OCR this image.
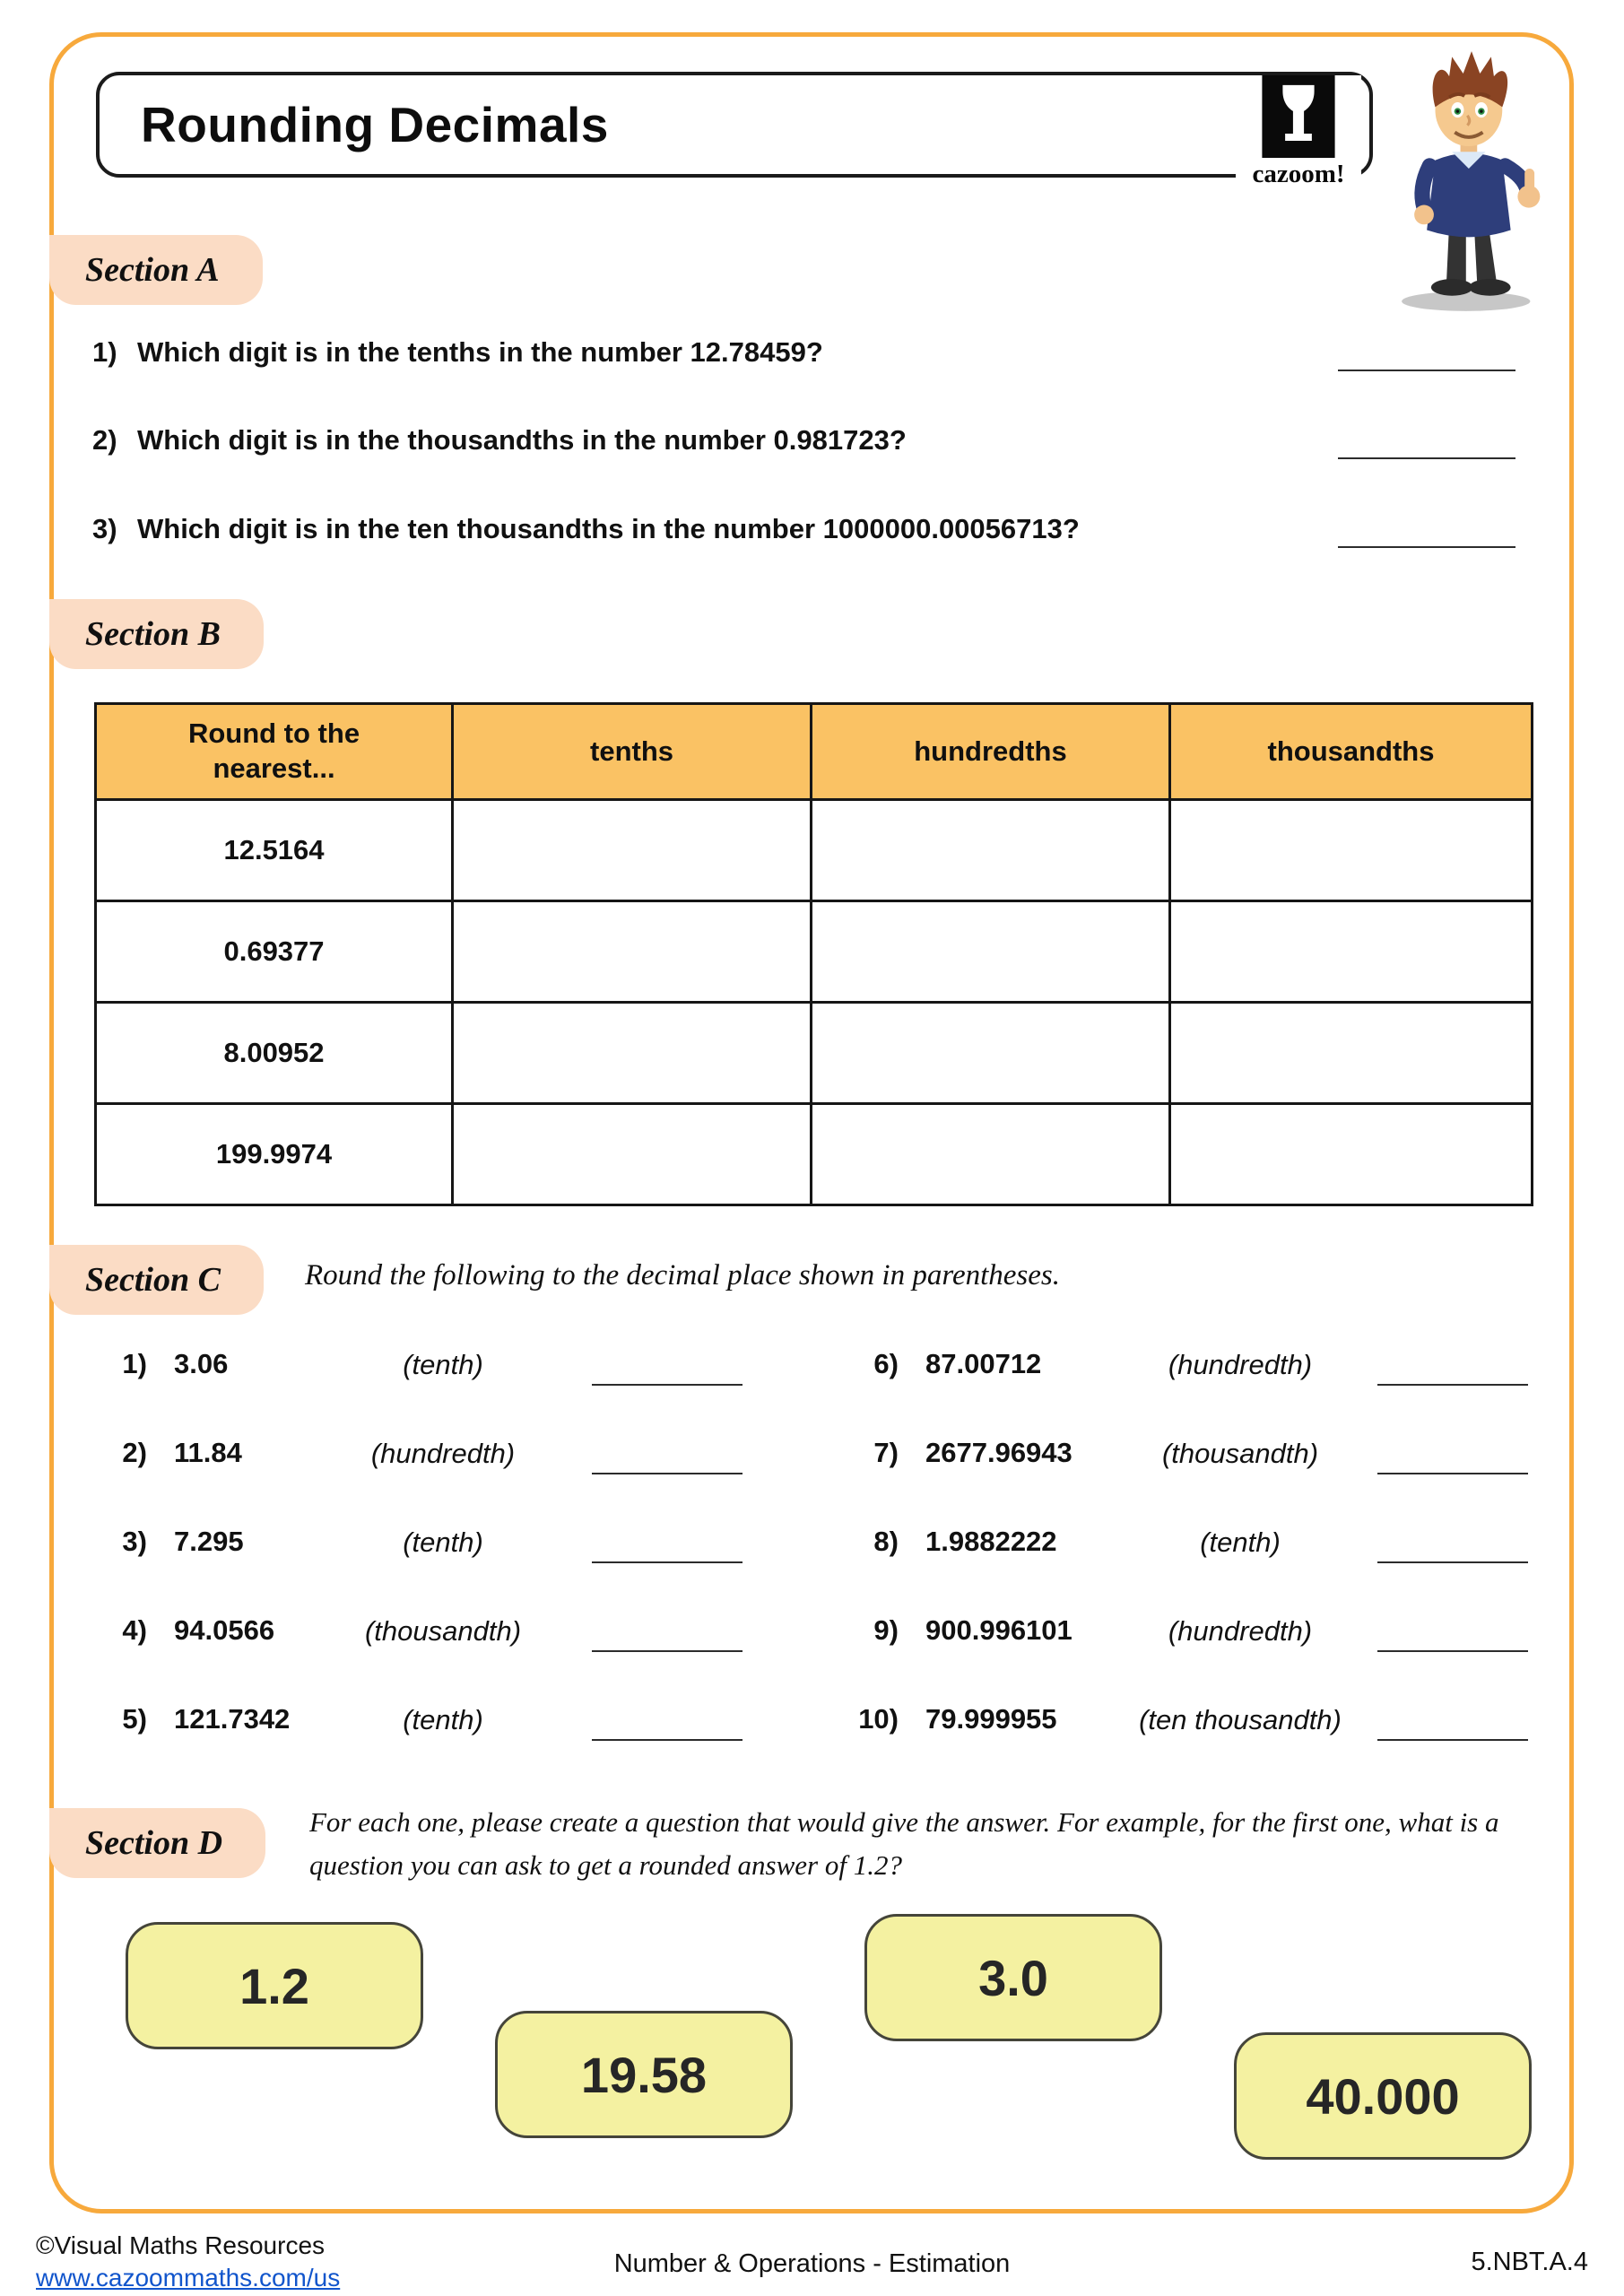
Rounding Decimals
cazoom!
Section A
1) Which digit is in the tenths in the number 12.78459?
2) Which digit is in the thousandths in the number 0.981723?
3) Which digit is in the ten thousandths in the number 1000000.00056713?
Section B
Round to the nearest...	tenths	hundredths	thousandths
12.5164			
0.69377			
8.00952			
199.9974			
Section C	Round the following to the decimal place shown in parentheses.
1) 3.06	(tenth)
2) 11.84	(hundredth)
3) 7.295	(tenth)
4) 94.0566	(thousandth)
5) 121.7342	(tenth)
6) 87.00712	(hundredth)
7) 2677.96943	(thousandth)
8) 1.9882222	(tenth)
9) 900.996101	(hundredth)
10) 79.999955	(ten thousandth)
Section D
For each one, please create a question that would give the answer. For example, for the first one, what is a question you can ask to get a rounded answer of 1.2?
1.2
19.58
3.0
40.000
©Visual Maths Resources
www.cazoommaths.com/us	Number & Operations - Estimation	5.NBT.A.4
